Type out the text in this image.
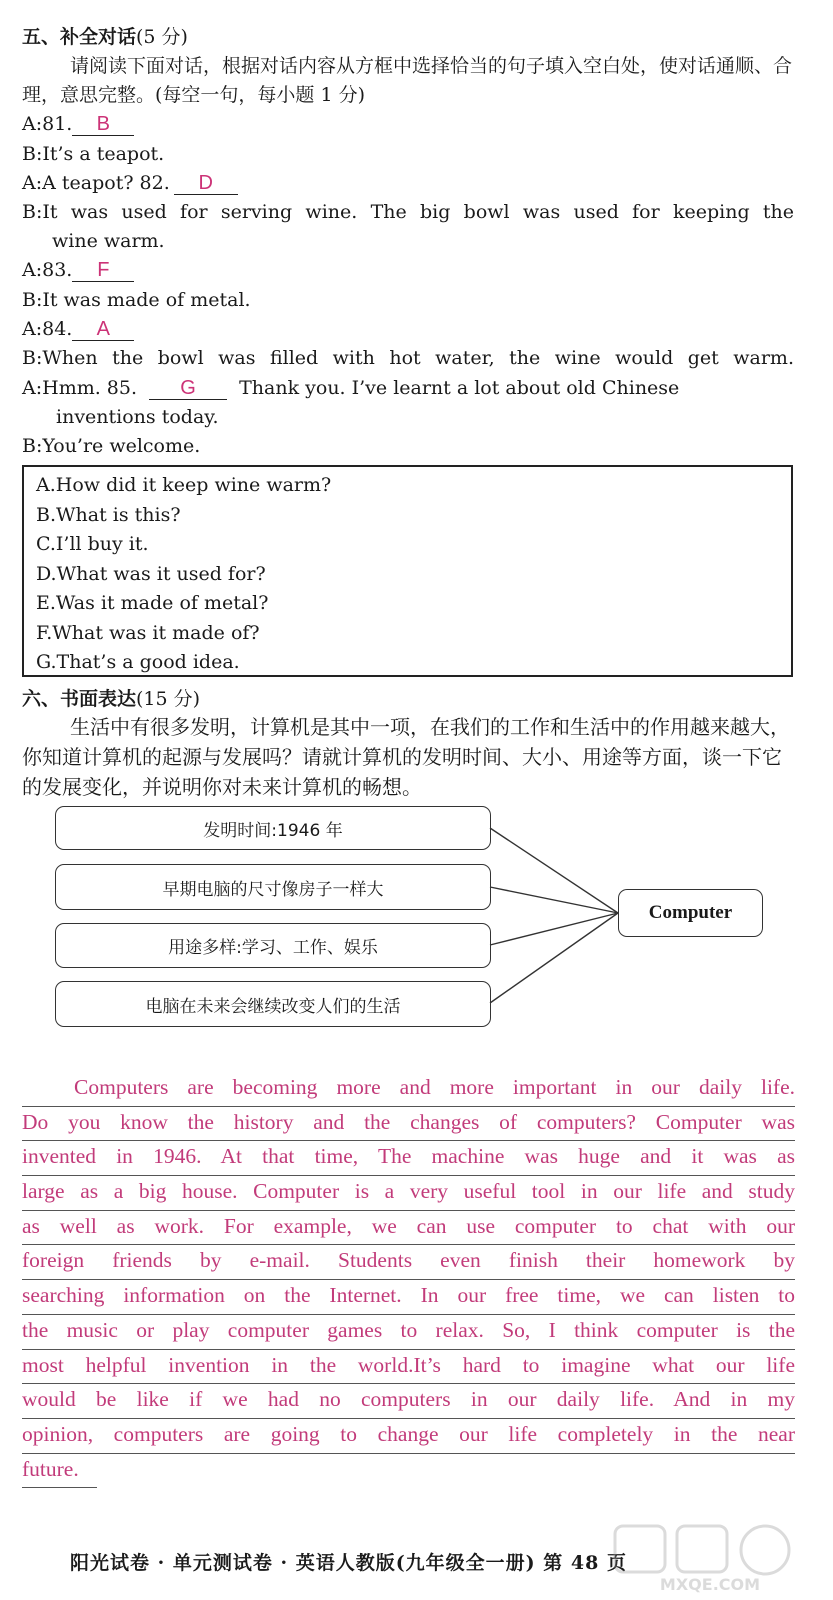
五、补全对话(5 分)
请阅读下面对话，根据对话内容从方框中选择恰当的句子填入空白处，使对话通顺、合理，意思完整。(每空一句，每小题 1 分)
A:81. B
B:It’s a teapot.
A:A teapot? 82. D
B:It was used for serving wine. The big bowl was used for keeping the
wine warm.
A:83. F
B:It was made of metal.
A:84. A
B:When the bowl was filled with hot water, the wine would get warm.
A:Hmm. 85. G Thank you. I’ve learnt a lot about old Chinese
inventions today.
B:You’re welcome.
A.How did it keep wine warm?
B.What is this?
C.I’ll buy it.
D.What was it used for?
E.Was it made of metal?
F.What was it made of?
G.That’s a good idea.
六、书面表达(15 分)
生活中有很多发明，计算机是其中一项，在我们的工作和生活中的作用越来越大，你知道计算机的起源与发展吗？请就计算机的发明时间、大小、用途等方面，谈一下它的发展变化，并说明你对未来计算机的畅想。
发明时间:1946 年
早期电脑的尺寸像房子一样大
用途多样:学习、工作、娱乐
电脑在未来会继续改变人们的生活
Computer
Computers are becoming more and more important in our daily life.
Do you know the history and the changes of computers? Computer was
invented in 1946. At that time, The machine was huge and it was as
large as a big house. Computer is a very useful tool in our life and study
as well as work. For example, we can use computer to chat with our
foreign friends by e-mail. Students even finish their homework by
searching information on the Internet. In our free time, we can listen to
the music or play computer games to relax. So, I think computer is the
most helpful invention in the world.It’s hard to imagine what our life
would be like if we had no computers in our daily life. And in my
opinion, computers are going to change our life completely in the near
future.
阳光试卷 · 单元测试卷 · 英语人教版(九年级全一册) 第 48 页
MXQE.COM
